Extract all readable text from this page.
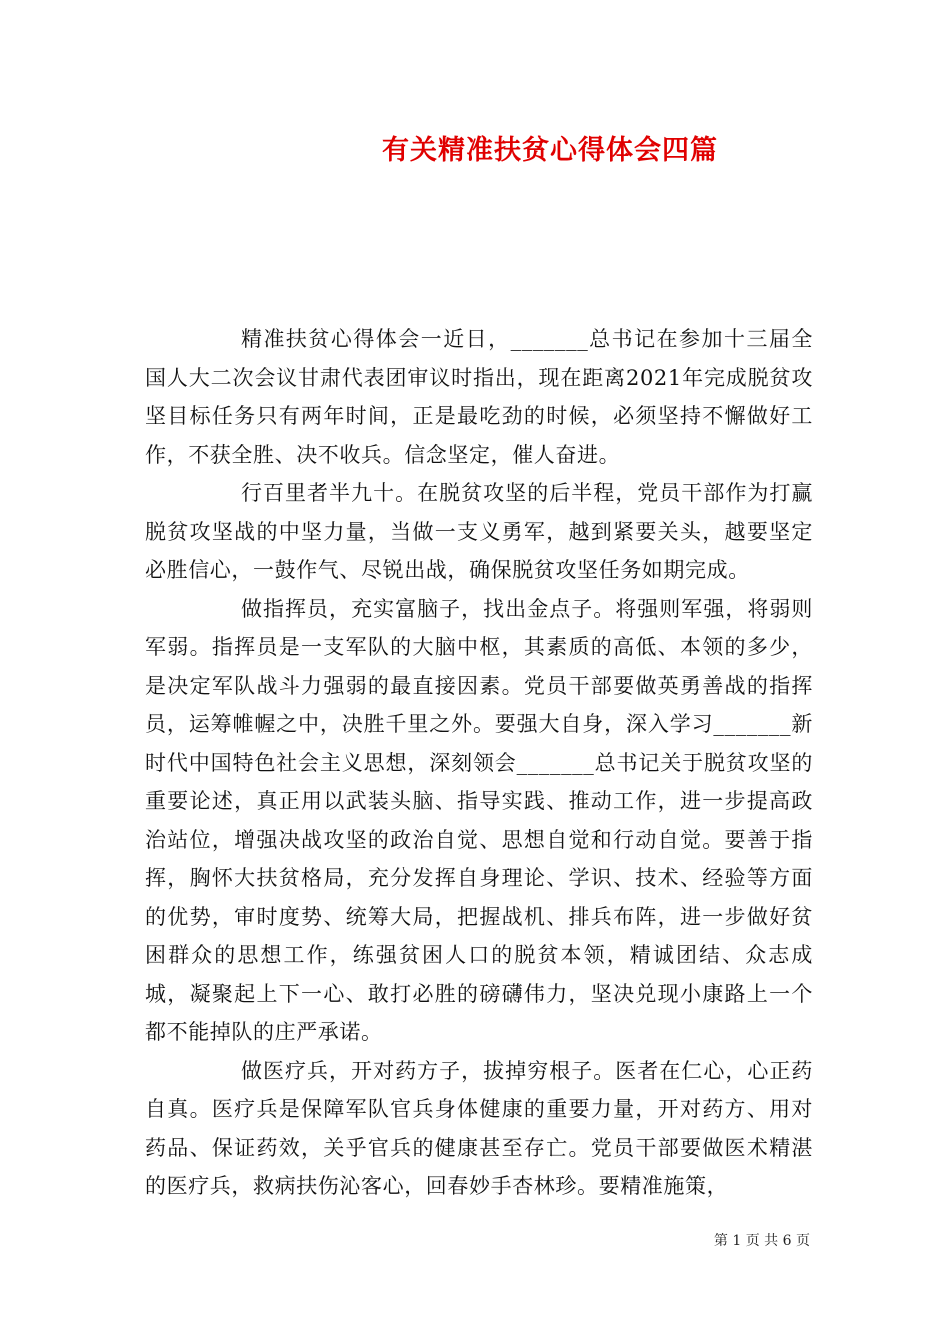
有关精准扶贫心得体会四篇

精准扶贫心得体会一近日，_______总书记在参加十三届全国人大二次会议甘肃代表团审议时指出，现在距离2021年完成脱贫攻坚目标任务只有两年时间，正是最吃劲的时候，必须坚持不懈做好工作，不获全胜、决不收兵。信念坚定，催人奋进。

行百里者半九十。在脱贫攻坚的后半程，党员干部作为打赢脱贫攻坚战的中坚力量，当做一支义勇军，越到紧要关头，越要坚定必胜信心，一鼓作气、尽锐出战，确保脱贫攻坚任务如期完成。

做指挥员，充实富脑子，找出金点子。将强则军强，将弱则军弱。指挥员是一支军队的大脑中枢，其素质的高低、本领的多少，是决定军队战斗力强弱的最直接因素。党员干部要做英勇善战的指挥员，运筹帷幄之中，决胜千里之外。要强大自身，深入学习_______新时代中国特色社会主义思想，深刻领会_______总书记关于脱贫攻坚的重要论述，真正用以武装头脑、指导实践、推动工作，进一步提高政治站位，增强决战攻坚的政治自觉、思想自觉和行动自觉。要善于指挥，胸怀大扶贫格局，充分发挥自身理论、学识、技术、经验等方面的优势，审时度势、统筹大局，把握战机、排兵布阵，进一步做好贫困群众的思想工作，练强贫困人口的脱贫本领，精诚团结、众志成城，凝聚起上下一心、敢打必胜的磅礴伟力，坚决兑现小康路上一个都不能掉队的庄严承诺。

做医疗兵，开对药方子，拔掉穷根子。医者在仁心，心正药自真。医疗兵是保障军队官兵身体健康的重要力量，开对药方、用对药品、保证药效，关乎官兵的健康甚至存亡。党员干部要做医术精湛的医疗兵，救病扶伤沁客心，回春妙手杏林珍。要精准施策，

第 1 页 共 6 页
